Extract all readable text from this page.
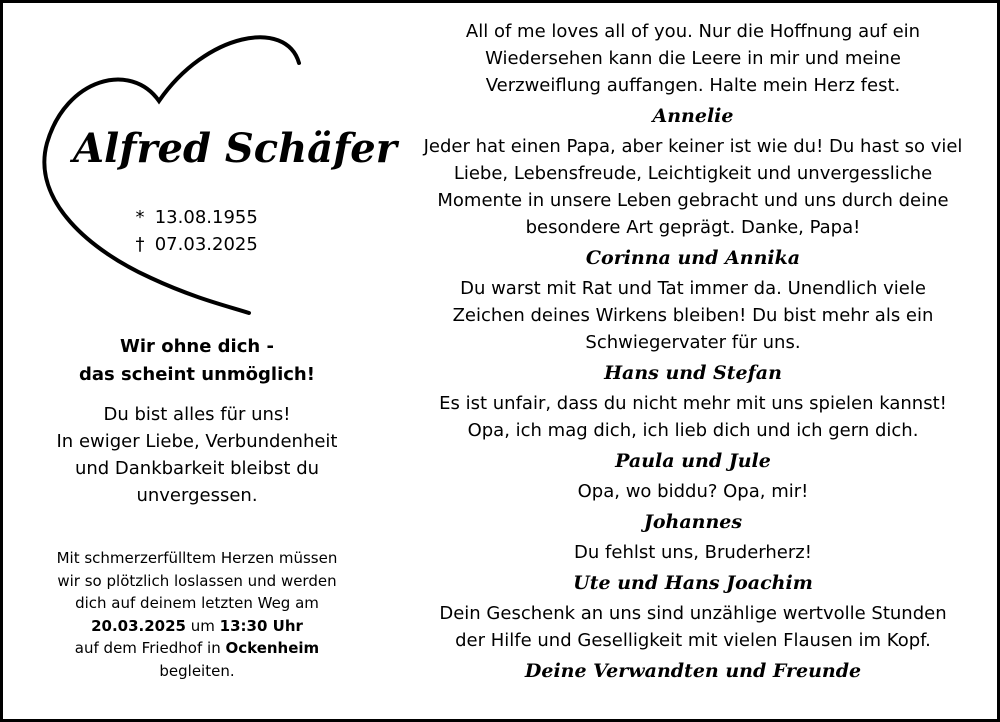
Alfred Schäfer
* 13.08.1955
† 07.03.2025
Wir ohne dich -
das scheint unmöglich!
Du bist alles für uns!
In ewiger Liebe, Verbundenheit
und Dankbarkeit bleibst du
unvergessen.
Mit schmerzerfülltem Herzen müssen
wir so plötzlich loslassen und werden
dich auf deinem letzten Weg am
20.03.2025 um 13:30 Uhr
auf dem Friedhof in Ockenheim
begleiten.
All of me loves all of you. Nur die Hoffnung auf ein
Wiedersehen kann die Leere in mir und meine
Verzweiflung auffangen. Halte mein Herz fest.
Annelie
Jeder hat einen Papa, aber keiner ist wie du! Du hast so viel
Liebe, Lebensfreude, Leichtigkeit und unvergessliche
Momente in unsere Leben gebracht und uns durch deine
besondere Art geprägt. Danke, Papa!
Corinna und Annika
Du warst mit Rat und Tat immer da. Unendlich viele
Zeichen deines Wirkens bleiben! Du bist mehr als ein
Schwiegervater für uns.
Hans und Stefan
Es ist unfair, dass du nicht mehr mit uns spielen kannst!
Opa, ich mag dich, ich lieb dich und ich gern dich.
Paula und Jule
Opa, wo biddu? Opa, mir!
Johannes
Du fehlst uns, Bruderherz!
Ute und Hans Joachim
Dein Geschenk an uns sind unzählige wertvolle Stunden
der Hilfe und Geselligkeit mit vielen Flausen im Kopf.
Deine Verwandten und Freunde
